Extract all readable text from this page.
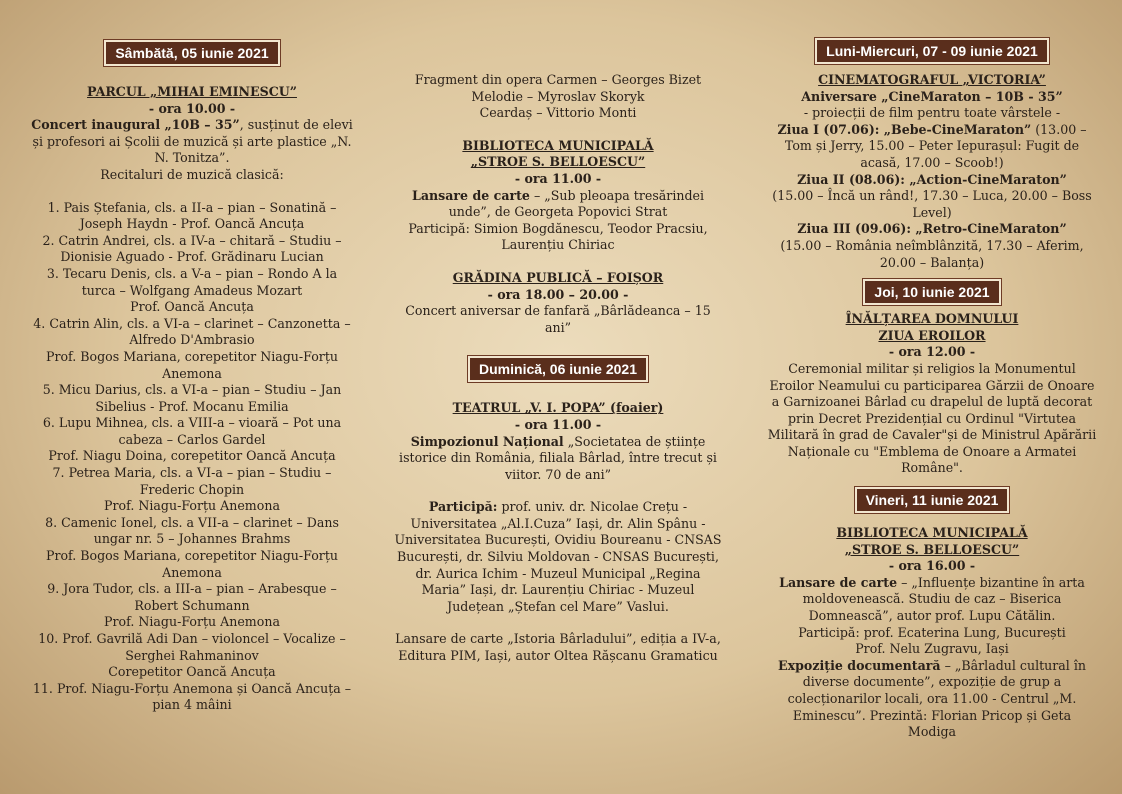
Sâmbătă, 05 iunie 2021
PARCUL „MIHAI EMINESCU”
- ora 10.00 -
Concert inaugural „10B – 35”, susținut de elevi și profesori ai Școlii de muzică și arte plastice „N. N. Tonitza”.
Recitaluri de muzică clasică:
1. Pais Ștefania, cls. a II-a – pian – Sonatină – Joseph Haydn - Prof. Oancă Ancuța
2. Catrin Andrei, cls. a IV-a – chitară – Studiu – Dionisie Aguado - Prof. Grădinaru Lucian
3. Tecaru Denis, cls. a V-a – pian – Rondo A la turca – Wolfgang Amadeus Mozart
Prof. Oancă Ancuța
4. Catrin Alin, cls. a VI-a – clarinet – Canzonetta – Alfredo D'Ambrasio
Prof. Bogos Mariana, corepetitor Niagu-Forțu Anemona
5. Micu Darius, cls. a VI-a – pian – Studiu – Jan Sibelius - Prof. Mocanu Emilia
6. Lupu Mihnea, cls. a VIII-a – vioară – Pot una cabeza – Carlos Gardel
Prof. Niagu Doina, corepetitor Oancă Ancuța
7. Petrea Maria, cls. a VI-a – pian – Studiu – Frederic Chopin
Prof. Niagu-Forțu Anemona
8. Camenic Ionel, cls. a VII-a – clarinet – Dans ungar nr. 5 – Johannes Brahms
Prof. Bogos Mariana, corepetitor Niagu-Forțu Anemona
9. Jora Tudor, cls. a III-a – pian – Arabesque – Robert Schumann
Prof. Niagu-Forțu Anemona
10. Prof. Gavrilă Adi Dan – violoncel – Vocalize – Serghei Rahmaninov
Corepetitor Oancă Ancuța
11. Prof. Niagu-Forțu Anemona și Oancă Ancuța – pian 4 mâini
Fragment din opera Carmen – Georges Bizet
Melodie – Myroslav Skoryk
Ceardaș – Vittorio Monti
BIBLIOTECA MUNICIPALĂ
„STROE S. BELLOESCU”
- ora 11.00 -
Lansare de carte – „Sub pleoapa tresărindei unde”, de Georgeta Popovici Strat
Participă: Simion Bogdănescu, Teodor Pracsiu, Laurențiu Chiriac
GRĂDINA PUBLICĂ – FOIȘOR
- ora 18.00 – 20.00 -
Concert aniversar de fanfară „Bârlădeanca – 15 ani”
Duminică, 06 iunie 2021
TEATRUL „V. I. POPA” (foaier)
- ora 11.00 -
Simpozionul Național „Societatea de științe istorice din România, filiala Bârlad, între trecut și viitor. 70 de ani”
Participă: prof. univ. dr. Nicolae Crețu - Universitatea „Al.I.Cuza” Iași, dr. Alin Spânu - Universitatea București, Ovidiu Boureanu - CNSAS București, dr. Silviu Moldovan - CNSAS București, dr. Aurica Ichim - Muzeul Municipal „Regina Maria” Iași, dr. Laurențiu Chiriac - Muzeul Județean „Ștefan cel Mare” Vaslui.
Lansare de carte „Istoria Bârladului”, ediția a IV-a, Editura PIM, Iași, autor Oltea Rășcanu Gramaticu
Luni-Miercuri, 07 - 09 iunie 2021
CINEMATOGRAFUL „VICTORIA”
Aniversare „CineMaraton – 10B - 35”
- proiecții de film pentru toate vârstele -
Ziua I (07.06): „Bebe-CineMaraton” (13.00 – Tom și Jerry, 15.00 – Peter Iepurașul: Fugit de acasă, 17.00 – Scoob!)
Ziua II (08.06): „Action-CineMaraton”
(15.00 – Încă un rând!, 17.30 – Luca, 20.00 – Boss Level)
Ziua III (09.06): „Retro-CineMaraton”
(15.00 – România neîmblânzită, 17.30 – Aferim, 20.00 – Balanța)
Joi, 10 iunie 2021
ÎNĂLȚAREA DOMNULUI
ZIUA EROILOR
- ora 12.00 -
Ceremonial militar și religios la Monumentul Eroilor Neamului cu participarea Gărzii de Onoare a Garnizoanei Bârlad cu drapelul de luptă decorat prin Decret Prezidențial cu Ordinul "Virtutea Militară în grad de Cavaler"și de Ministrul Apărării Naționale cu "Emblema de Onoare a Armatei Române".
Vineri, 11 iunie 2021
BIBLIOTECA MUNICIPALĂ
„STROE S. BELLOESCU”
- ora 16.00 -
Lansare de carte – „Influențe bizantine în arta moldovenească. Studiu de caz – Biserica Domnească”, autor prof. Lupu Cătălin.
Participă: prof. Ecaterina Lung, București
Prof. Nelu Zugravu, Iași
Expoziție documentară – „Bârladul cultural în diverse documente”, expoziție de grup a colecționarilor locali, ora 11.00 - Centrul „M. Eminescu”. Prezintă: Florian Pricop și Geta Modiga
